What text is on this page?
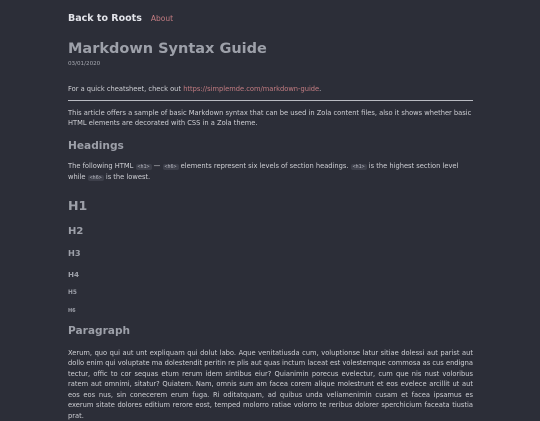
Back to Roots About
Markdown Syntax Guide
03/01/2020

For a quick cheatsheet, check out https://simplemde.com/markdown-guide.

This article offers a sample of basic Markdown syntax that can be used in Zola content files, also it shows whether basic HTML elements are decorated with CSS in a Zola theme.

Headings

The following HTML <h1> — <h6> elements represent six levels of section headings. <h1> is the highest section level while <h6> is the lowest.

H1
H2
H3
H4
H5
H6
Paragraph

Xerum, quo qui aut unt expliquam qui dolut labo. Aque venitatiusda cum, voluptionse latur sitiae dolessi aut parist aut dollo enim qui voluptate ma dolestendit peritin re plis aut quas inctum laceat est volestemque commosa as cus endigna tectur, offic to cor sequas etum rerum idem sintibus eiur? Quianimin porecus evelectur, cum que nis nust voloribus ratem aut omnimi, sitatur? Quiatem. Nam, omnis sum am facea corem alique molestrunt et eos evelece arcillit ut aut eos eos nus, sin conecerem erum fuga. Ri oditatquam, ad quibus unda veliamenimin cusam et facea ipsamus es exerum sitate dolores editium rerore eost, temped molorro ratiae volorro te reribus dolorer sperchicium faceata tiustia prat.
